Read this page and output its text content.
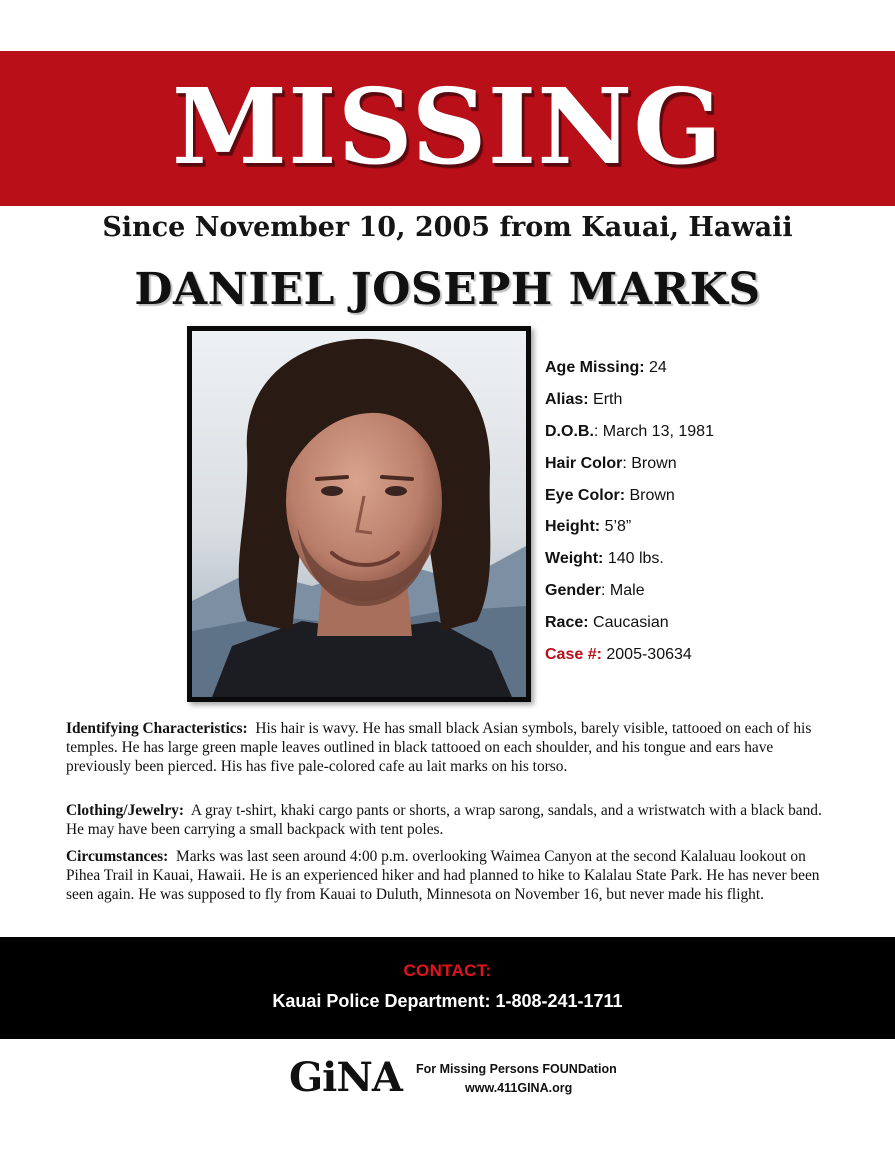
MISSING
Since November 10, 2005 from Kauai, Hawaii
DANIEL JOSEPH MARKS
Age Missing: 24
Alias: Erth
D.O.B.: March 13, 1981
Hair Color: Brown
Eye Color: Brown
Height: 5’8”
Weight: 140 lbs.
Gender: Male
Race: Caucasian
Case #: 2005-30634
Identifying Characteristics: His hair is wavy. He has small black Asian symbols, barely visible, tattooed on each of his temples. He has large green maple leaves outlined in black tattooed on each shoulder, and his tongue and ears have previously been pierced. His has five pale-colored cafe au lait marks on his torso.
Clothing/Jewelry: A gray t-shirt, khaki cargo pants or shorts, a wrap sarong, sandals, and a wristwatch with a black band. He may have been carrying a small backpack with tent poles.
Circumstances: Marks was last seen around 4:00 p.m. overlooking Waimea Canyon at the second Kalaluau lookout on Pihea Trail in Kauai, Hawaii. He is an experienced hiker and had planned to hike to Kalalau State Park. He has never been seen again. He was supposed to fly from Kauai to Duluth, Minnesota on November 16, but never made his flight.
CONTACT:
Kauai Police Department: 1-808-241-1711
GiNA For Missing Persons FOUNDation
www.411GINA.org
